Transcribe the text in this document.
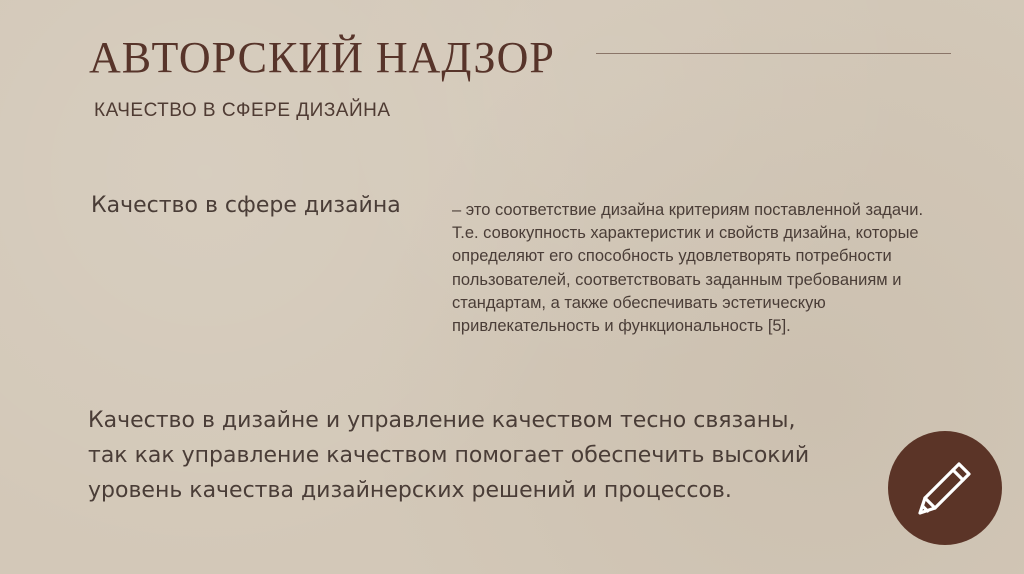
АВТОРСКИЙ НАДЗОР
КАЧЕСТВО В СФЕРЕ ДИЗАЙНА
Качество в сфере дизайна	– это соответствие дизайна критериям поставленной задачи. Т.е. совокупность характеристик и свойств дизайна, которые определяют его способность удовлетворять потребности пользователей, соответствовать заданным требованиям и стандартам, а также обеспечивать эстетическую привлекательность и функциональность [5].
Качество в дизайне и управление качеством тесно связаны, так как управление качеством помогает обеспечить высокий уровень качества дизайнерских решений и процессов.
